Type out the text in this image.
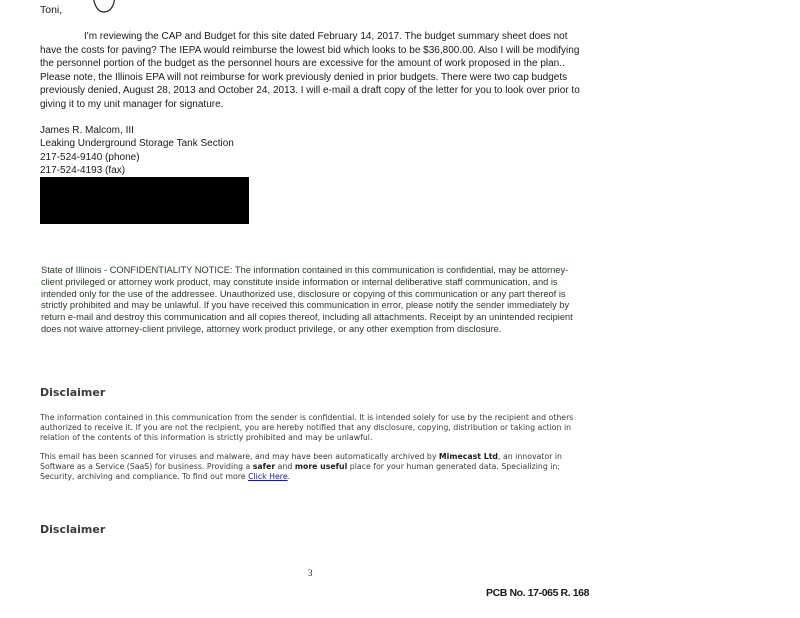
Toni,

I'm reviewing the CAP and Budget for this site dated February 14, 2017. The budget summary sheet does not have the costs for paving? The IEPA would reimburse the lowest bid which looks to be $36,800.00. Also I will be modifying the personnel portion of the budget as the personnel hours are excessive for the amount of work proposed in the plan.. Please note, the Illinois EPA will not reimburse for work previously denied in prior budgets. There were two cap budgets previously denied, August 28, 2013 and October 24, 2013. I will e-mail a draft copy of the letter for you to look over prior to giving it to my unit manager for signature.

James R. Malcom, III
Leaking Underground Storage Tank Section
217-524-9140 (phone)
217-524-4193 (fax)

State of Illinois - CONFIDENTIALITY NOTICE: The information contained in this communication is confidential, may be attorney-client privileged or attorney work product, may constitute inside information or internal deliberative staff communication, and is intended only for the use of the addressee. Unauthorized use, disclosure or copying of this communication or any part thereof is strictly prohibited and may be unlawful. If you have received this communication in error, please notify the sender immediately by return e-mail and destroy this communication and all copies thereof, including all attachments. Receipt by an unintended recipient does not waive attorney-client privilege, attorney work product privilege, or any other exemption from disclosure.

Disclaimer

The information contained in this communication from the sender is confidential. It is intended solely for use by the recipient and others authorized to receive it. If you are not the recipient, you are hereby notified that any disclosure, copying, distribution or taking action in relation of the contents of this information is strictly prohibited and may be unlawful.

This email has been scanned for viruses and malware, and may have been automatically archived by Mimecast Ltd, an innovator in Software as a Service (SaaS) for business. Providing a safer and more useful place for your human generated data. Specializing in; Security, archiving and compliance. To find out more Click Here.

Disclaimer
3
PCB No. 17-065 R. 168
